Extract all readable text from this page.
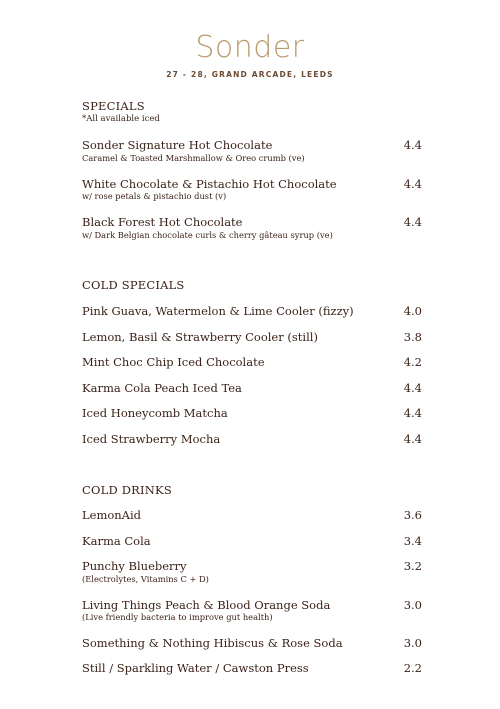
Sonder
27 - 28, GRAND ARCADE, LEEDS
SPECIALS
*All available iced
Sonder Signature Hot Chocolate	4.4
Caramel & Toasted Marshmallow & Oreo crumb (ve)
White Chocolate & Pistachio Hot Chocolate	4.4
w/ rose petals & pistachio dust (v)
Black Forest Hot Chocolate	4.4
w/ Dark Belgian chocolate curls & cherry gâteau syrup (ve)
COLD SPECIALS
Pink Guava, Watermelon & Lime Cooler (fizzy)	4.0
Lemon, Basil & Strawberry Cooler (still)	3.8
Mint Choc Chip Iced Chocolate	4.2
Karma Cola Peach Iced Tea	4.4
Iced Honeycomb Matcha	4.4
Iced Strawberry Mocha	4.4
COLD DRINKS
LemonAid	3.6
Karma Cola	3.4
Punchy Blueberry	3.2
(Electrolytes, Vitamins C + D)
Living Things Peach & Blood Orange Soda	3.0
(Live friendly bacteria to improve gut health)
Something & Nothing Hibiscus & Rose Soda	3.0
Still / Sparkling Water / Cawston Press	2.2
